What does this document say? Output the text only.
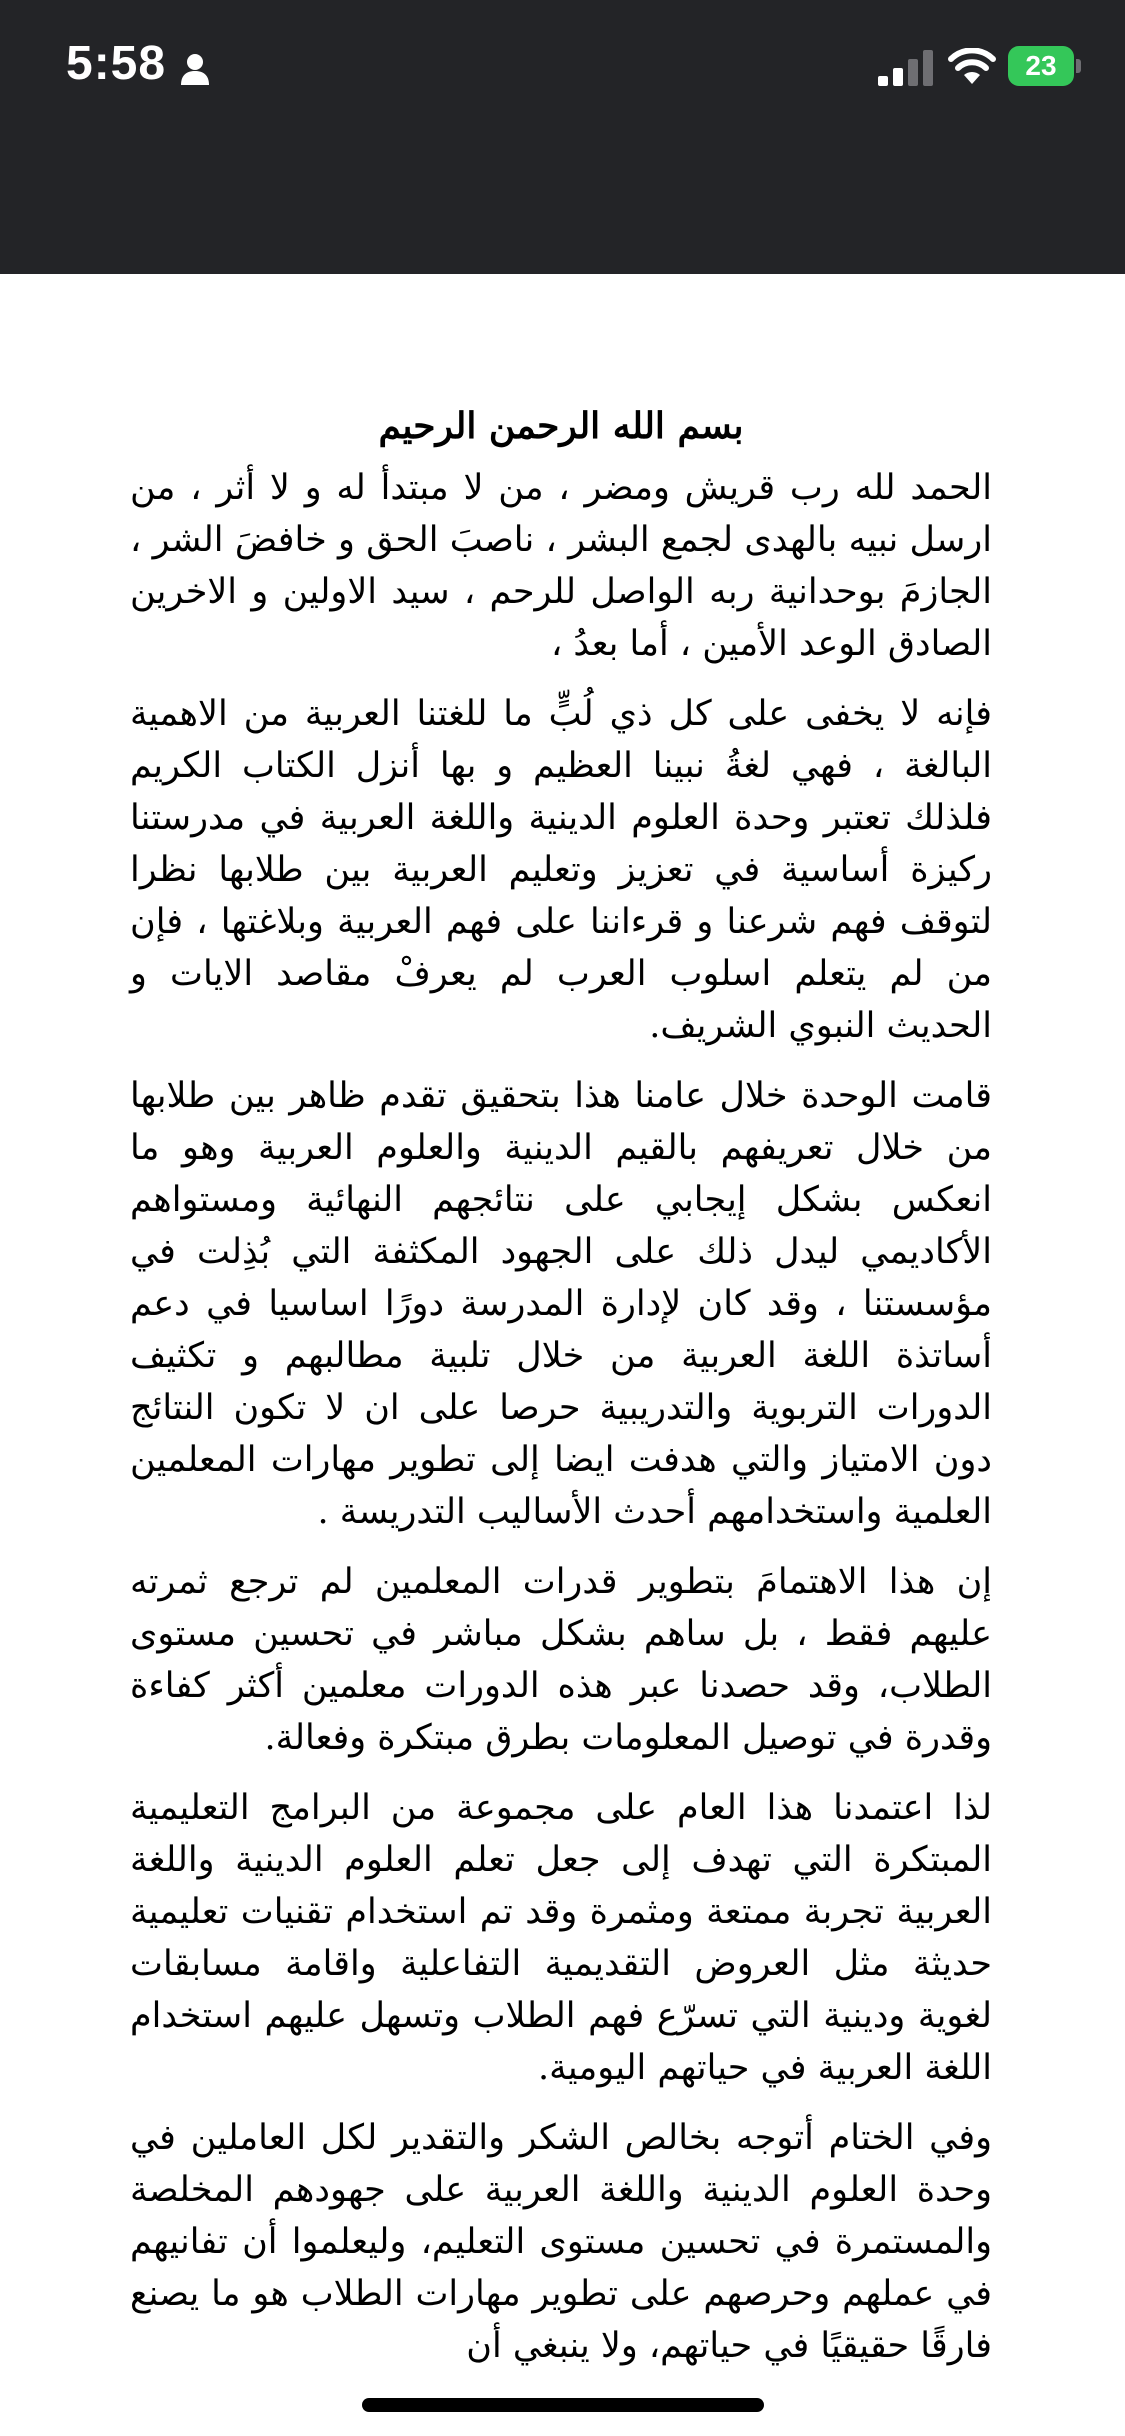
5:58	23
بسم الله الرحمن الرحيم

الحمد لله رب قريش ومضر ، من لا مبتدأ له و لا أثر ، من ارسل نبيه بالهدى لجمع البشر ، ناصبَ الحق و خافضَ الشر ، الجازمَ بوحدانية ربه الواصل للرحم ، سيد الاولين و الاخرين الصادق الوعد الأمين ، أما بعدُ ،

فإنه لا يخفى على كل ذي لُبٍّ ما للغتنا العربية من الاهمية البالغة ، فهي لغةُ نبينا العظيم و بها أنزل الكتاب الكريم فلذلك تعتبر وحدة العلوم الدينية واللغة العربية في مدرستنا ركيزة أساسية في تعزيز وتعليم العربية بين طلابها نظرا لتوقف فهم شرعنا و قرءاننا على فهم العربية وبلاغتها ، فإن من لم يتعلم اسلوب العرب لم يعرفْ مقاصد الايات و الحديث النبوي الشريف.

قامت الوحدة خلال عامنا هذا بتحقيق تقدم ظاهر بين طلابها من خلال تعريفهم بالقيم الدينية والعلوم العربية وهو ما انعكس بشكل إيجابي على نتائجهم النهائية ومستواهم الأكاديمي ليدل ذلك على الجهود المكثفة التي بُذِلت في مؤسستنا ، وقد كان لإدارة المدرسة دورًا اساسيا في دعم أساتذة اللغة العربية من خلال تلبية مطالبهم و تكثيف الدورات التربوية والتدريبية حرصا على ان لا تكون النتائج دون الامتياز والتي هدفت ايضا إلى تطوير مهارات المعلمين العلمية واستخدامهم أحدث الأساليب التدريسة .

إن هذا الاهتمامَ بتطوير قدرات المعلمين لم ترجع ثمرته عليهم فقط ، بل ساهم بشكل مباشر في تحسين مستوى الطلاب، وقد حصدنا عبر هذه الدورات معلمين أكثر كفاءة وقدرة في توصيل المعلومات بطرق مبتكرة وفعالة.

لذا اعتمدنا هذا العام على مجموعة من البرامج التعليمية المبتكرة التي تهدف إلى جعل تعلم العلوم الدينية واللغة العربية تجربة ممتعة ومثمرة وقد تم استخدام تقنيات تعليمية حديثة مثل العروض التقديمية التفاعلية واقامة مسابقات لغوية ودينية التي تسرّع فهم الطلاب وتسهل عليهم استخدام اللغة العربية في حياتهم اليومية.

وفي الختام أتوجه بخالص الشكر والتقدير لكل العاملين في وحدة العلوم الدينية واللغة العربية على جهودهم المخلصة والمستمرة في تحسين مستوى التعليم، وليعلموا أن تفانيهم في عملهم وحرصهم على تطوير مهارات الطلاب هو ما يصنع فارقًا حقيقيًا في حياتهم، ولا ينبغي أن
